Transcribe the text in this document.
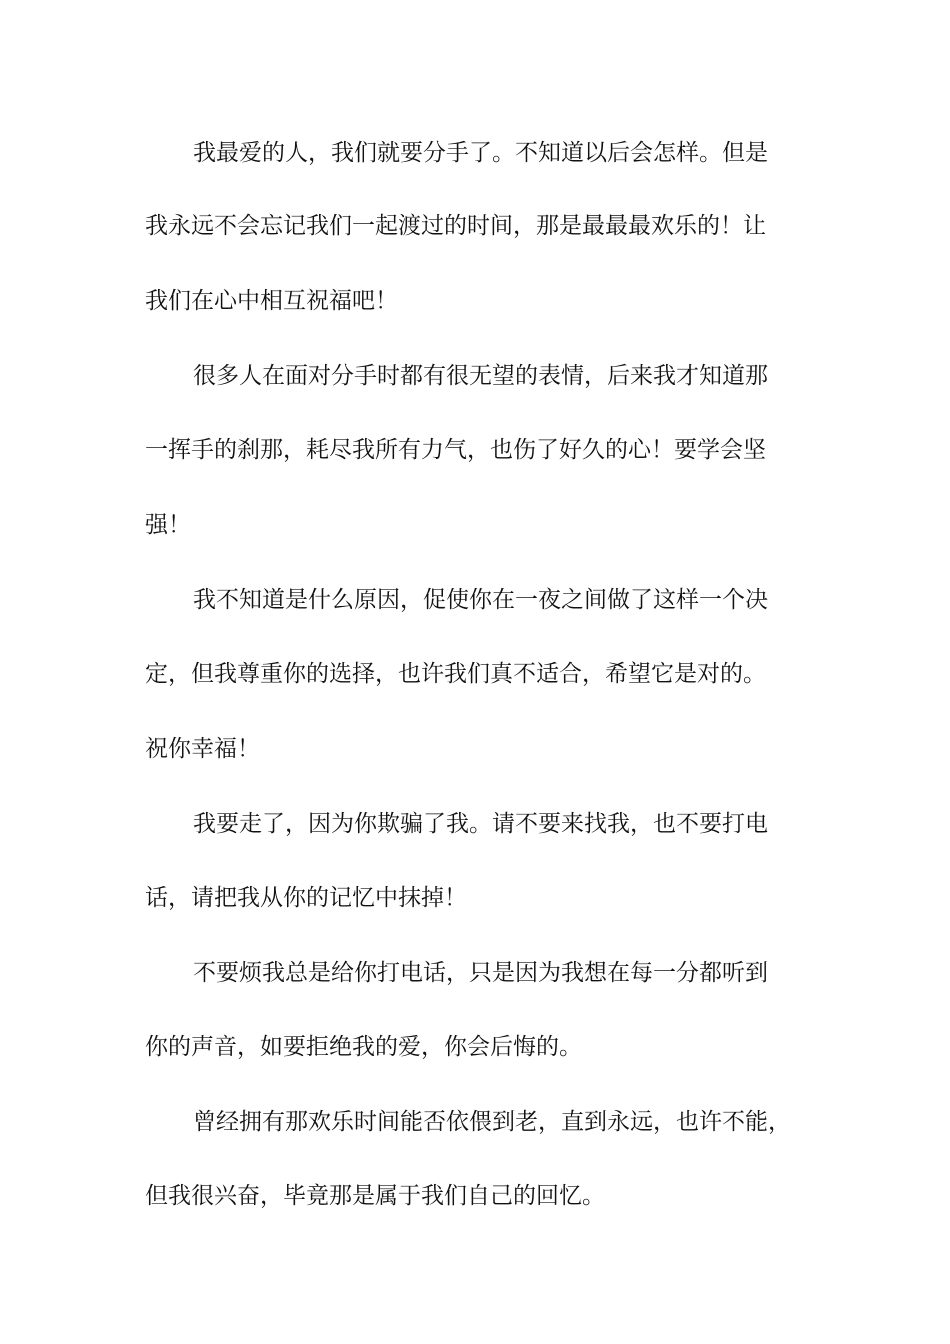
我最爱的人，我们就要分手了。不知道以后会怎样。但是
我永远不会忘记我们一起渡过的时间，那是最最最欢乐的！让
我们在心中相互祝福吧！
很多人在面对分手时都有很无望的表情，后来我才知道那
一挥手的刹那，耗尽我所有力气，也伤了好久的心！要学会坚
强！
我不知道是什么原因，促使你在一夜之间做了这样一个决
定，但我尊重你的选择，也许我们真不适合，希望它是对的。
祝你幸福！
我要走了，因为你欺骗了我。请不要来找我，也不要打电
话，请把我从你的记忆中抹掉！
不要烦我总是给你打电话，只是因为我想在每一分都听到
你的声音，如要拒绝我的爱，你会后悔的。
曾经拥有那欢乐时间能否依偎到老，直到永远，也许不能，
但我很兴奋，毕竟那是属于我们自己的回忆。
